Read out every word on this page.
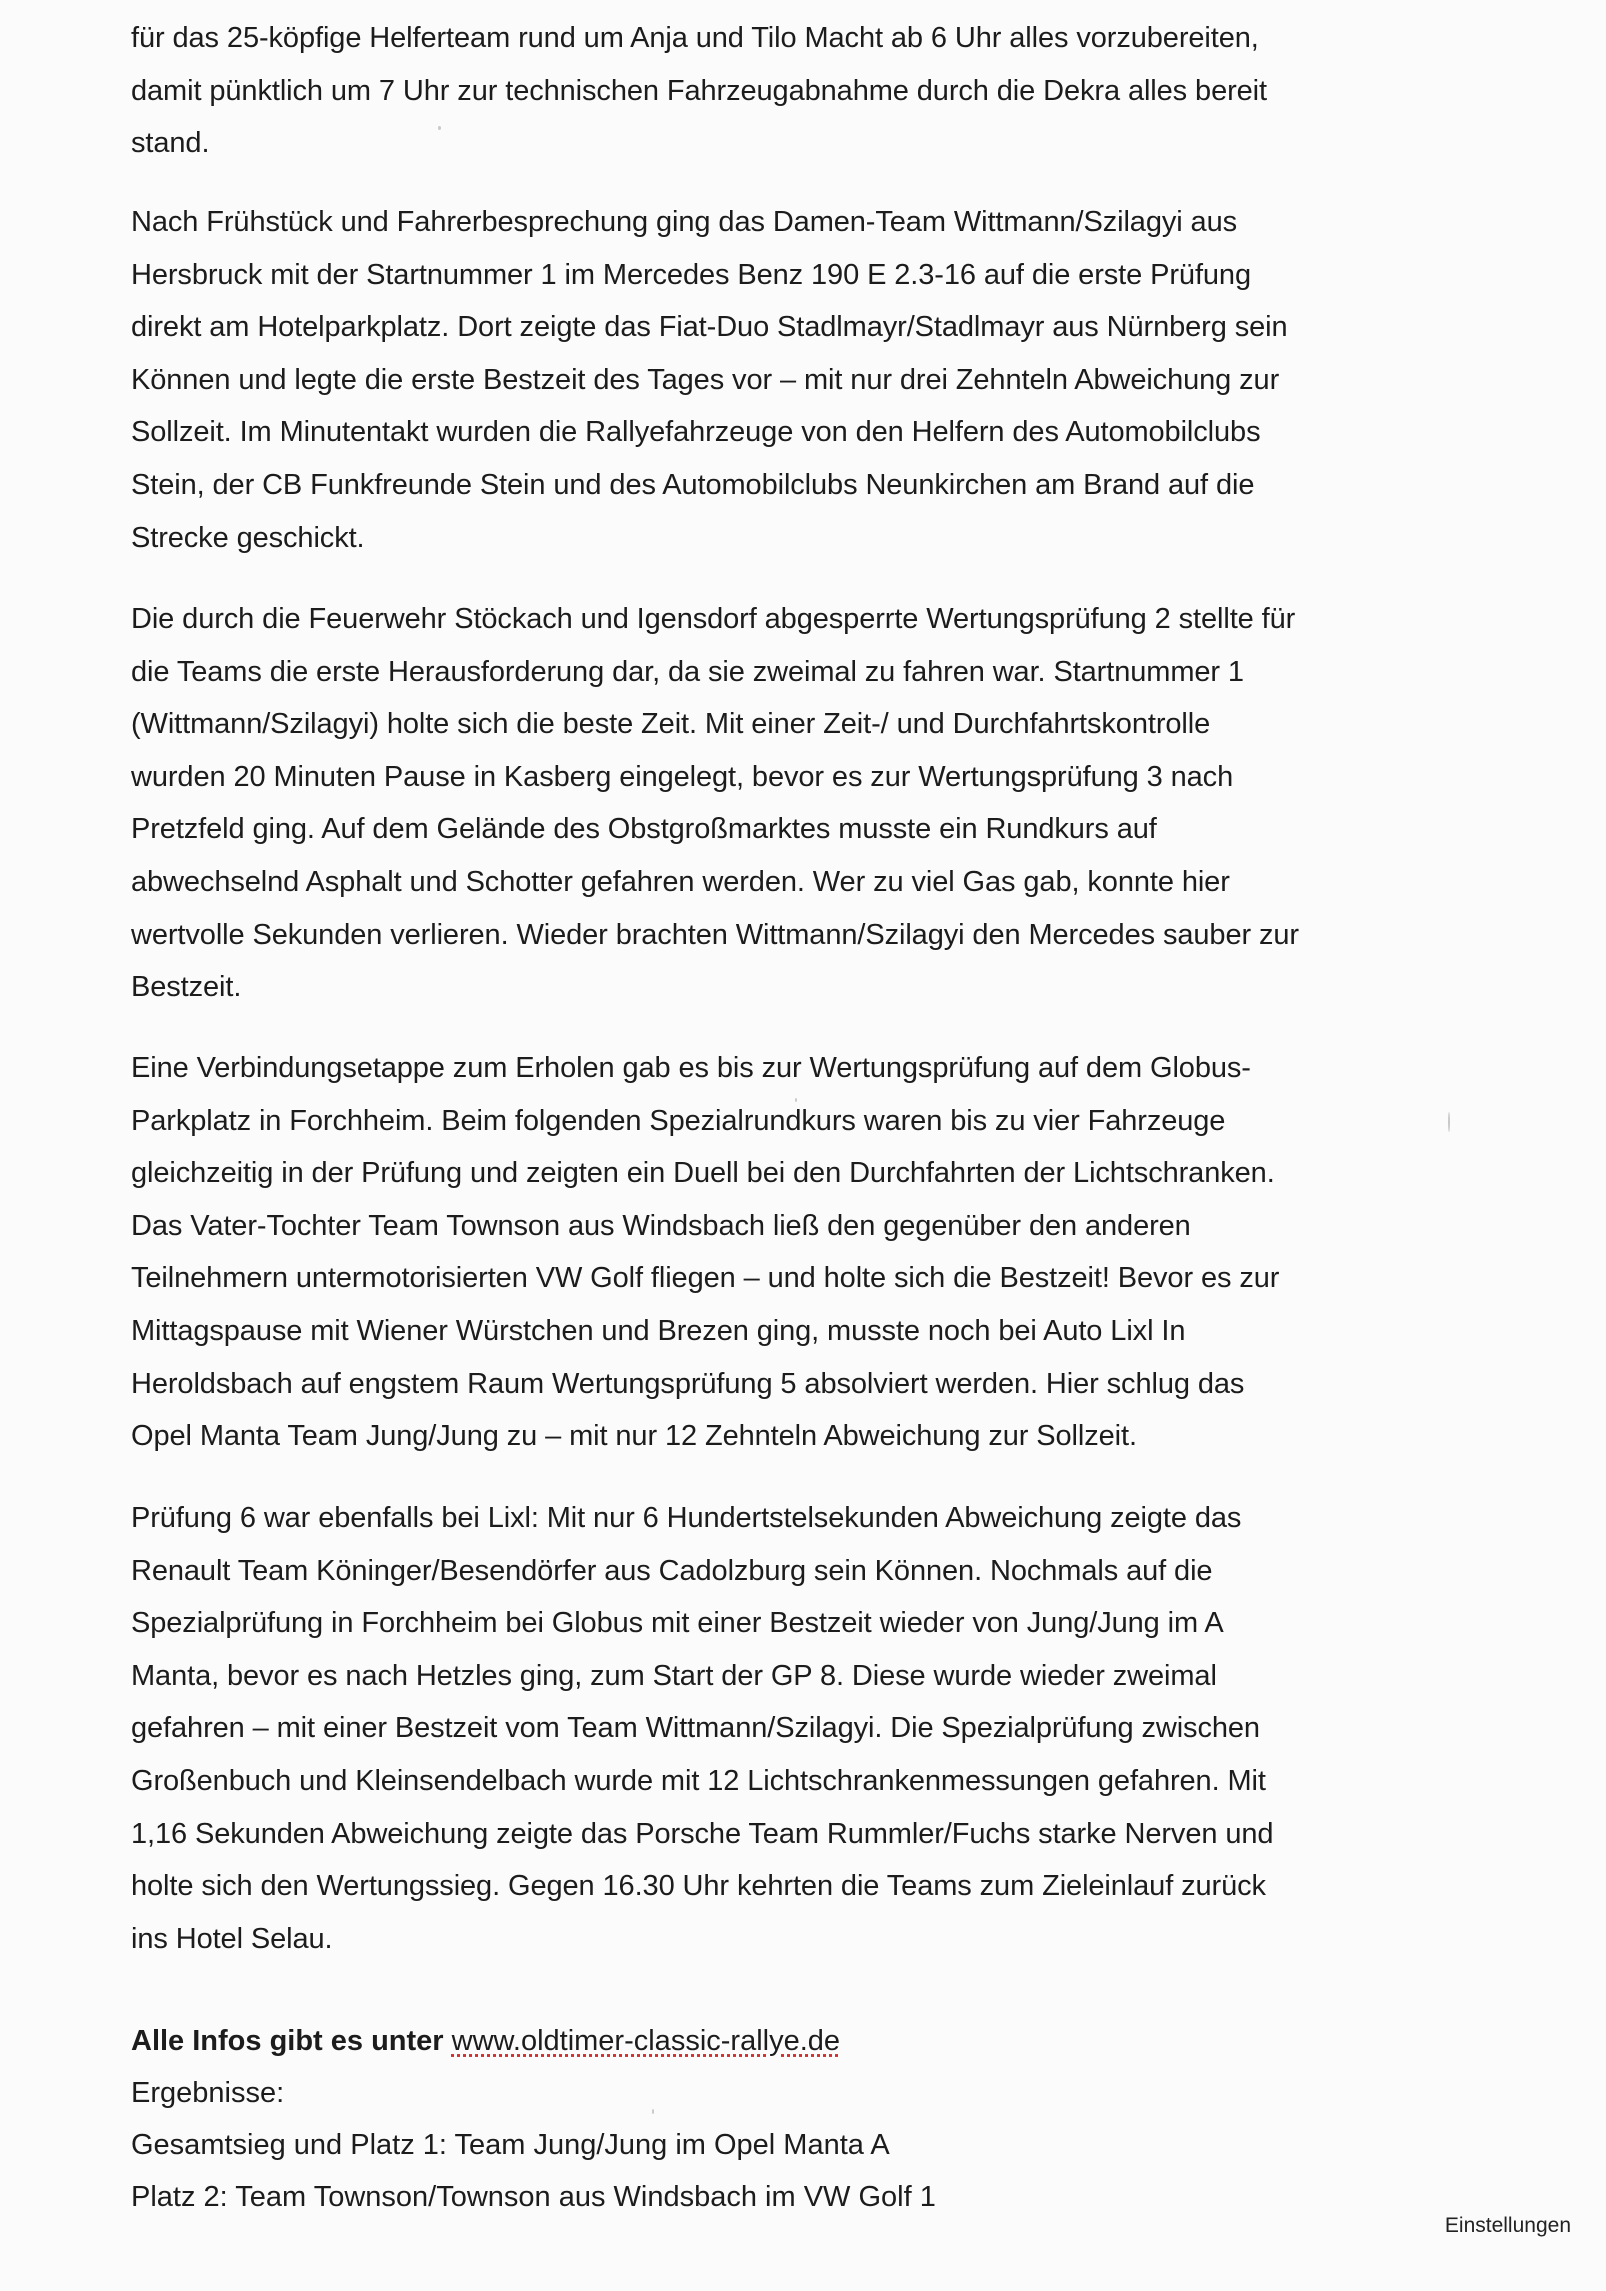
für das 25-köpfige Helferteam rund um Anja und Tilo Macht ab 6 Uhr alles vorzubereiten,
damit pünktlich um 7 Uhr zur technischen Fahrzeugabnahme durch die Dekra alles bereit
stand.

Nach Frühstück und Fahrerbesprechung ging das Damen-Team Wittmann/Szilagyi aus
Hersbruck mit der Startnummer 1 im Mercedes Benz 190 E 2.3-16 auf die erste Prüfung
direkt am Hotelparkplatz. Dort zeigte das Fiat-Duo Stadlmayr/Stadlmayr aus Nürnberg sein
Können und legte die erste Bestzeit des Tages vor – mit nur drei Zehnteln Abweichung zur
Sollzeit. Im Minutentakt wurden die Rallyefahrzeuge von den Helfern des Automobilclubs
Stein, der CB Funkfreunde Stein und des Automobilclubs Neunkirchen am Brand auf die
Strecke geschickt.

Die durch die Feuerwehr Stöckach und Igensdorf abgesperrte Wertungsprüfung 2 stellte für
die Teams die erste Herausforderung dar, da sie zweimal zu fahren war. Startnummer 1
(Wittmann/Szilagyi) holte sich die beste Zeit. Mit einer Zeit-/ und Durchfahrtskontrolle
wurden 20 Minuten Pause in Kasberg eingelegt, bevor es zur Wertungsprüfung 3 nach
Pretzfeld ging. Auf dem Gelände des Obstgroßmarktes musste ein Rundkurs auf
abwechselnd Asphalt und Schotter gefahren werden. Wer zu viel Gas gab, konnte hier
wertvolle Sekunden verlieren. Wieder brachten Wittmann/Szilagyi den Mercedes sauber zur
Bestzeit.

Eine Verbindungsetappe zum Erholen gab es bis zur Wertungsprüfung auf dem Globus-
Parkplatz in Forchheim. Beim folgenden Spezialrundkurs waren bis zu vier Fahrzeuge
gleichzeitig in der Prüfung und zeigten ein Duell bei den Durchfahrten der Lichtschranken.
Das Vater-Tochter Team Townson aus Windsbach ließ den gegenüber den anderen
Teilnehmern untermotorisierten VW Golf fliegen – und holte sich die Bestzeit! Bevor es zur
Mittagspause mit Wiener Würstchen und Brezen ging, musste noch bei Auto Lixl In
Heroldsbach auf engstem Raum Wertungsprüfung 5 absolviert werden. Hier schlug das
Opel Manta Team Jung/Jung zu – mit nur 12 Zehnteln Abweichung zur Sollzeit.

Prüfung 6 war ebenfalls bei Lixl: Mit nur 6 Hundertstelsekunden Abweichung zeigte das
Renault Team Köninger/Besendörfer aus Cadolzburg sein Können. Nochmals auf die
Spezialprüfung in Forchheim bei Globus mit einer Bestzeit wieder von Jung/Jung im A
Manta, bevor es nach Hetzles ging, zum Start der GP 8. Diese wurde wieder zweimal
gefahren – mit einer Bestzeit vom Team Wittmann/Szilagyi. Die Spezialprüfung zwischen
Großenbuch und Kleinsendelbach wurde mit 12 Lichtschrankenmessungen gefahren. Mit
1,16 Sekunden Abweichung zeigte das Porsche Team Rummler/Fuchs starke Nerven und
holte sich den Wertungssieg. Gegen 16.30 Uhr kehrten die Teams zum Zieleinlauf zurück
ins Hotel Selau.

Alle Infos gibt es unter www.oldtimer-classic-rallye.de
Ergebnisse:
Gesamtsieg und Platz 1: Team Jung/Jung im Opel Manta A
Platz 2: Team Townson/Townson aus Windsbach im VW Golf 1
Einstellungen
